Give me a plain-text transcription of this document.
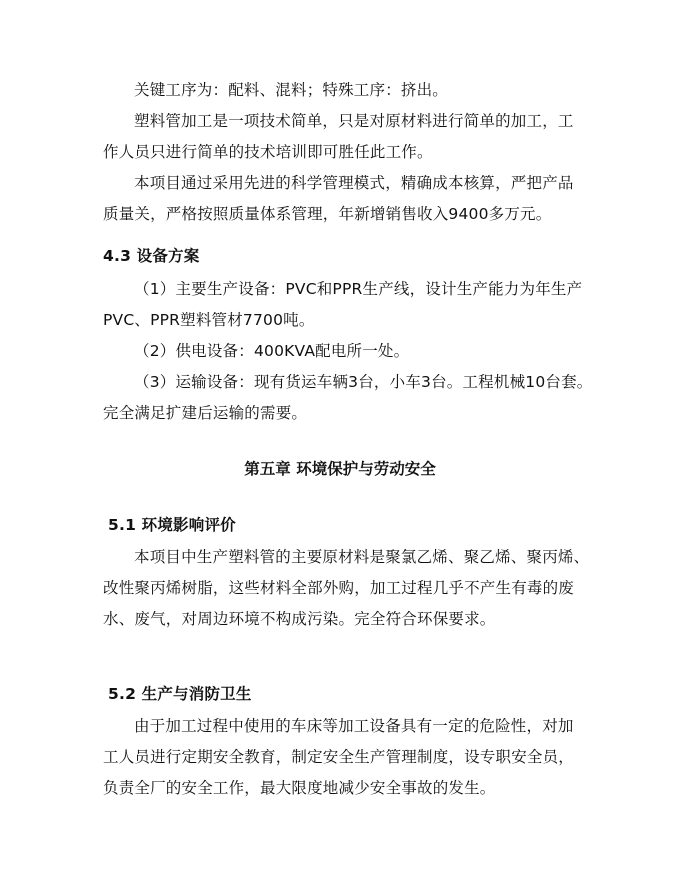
关键工序为：配料、混料；特殊工序：挤出。
塑料管加工是一项技术简单，只是对原材料进行简单的加工，工
作人员只进行简单的技术培训即可胜任此工作。
本项目通过采用先进的科学管理模式，精确成本核算，严把产品
质量关，严格按照质量体系管理，年新增销售收入9400多万元。
4.3 设备方案
（1）主要生产设备：PVC和PPR生产线，设计生产能力为年生产
PVC、PPR塑料管材7700吨。
（2）供电设备：400KVA配电所一处。
（3）运输设备：现有货运车辆3台，小车3台。工程机械10台套。
完全满足扩建后运输的需要。
第五章 环境保护与劳动安全
5.1 环境影响评价
本项目中生产塑料管的主要原材料是聚氯乙烯、聚乙烯、聚丙烯、
改性聚丙烯树脂，这些材料全部外购，加工过程几乎不产生有毒的废
水、废气，对周边环境不构成污染。完全符合环保要求。
5.2 生产与消防卫生
由于加工过程中使用的车床等加工设备具有一定的危险性，对加
工人员进行定期安全教育，制定安全生产管理制度，设专职安全员，
负责全厂的安全工作，最大限度地减少安全事故的发生。
